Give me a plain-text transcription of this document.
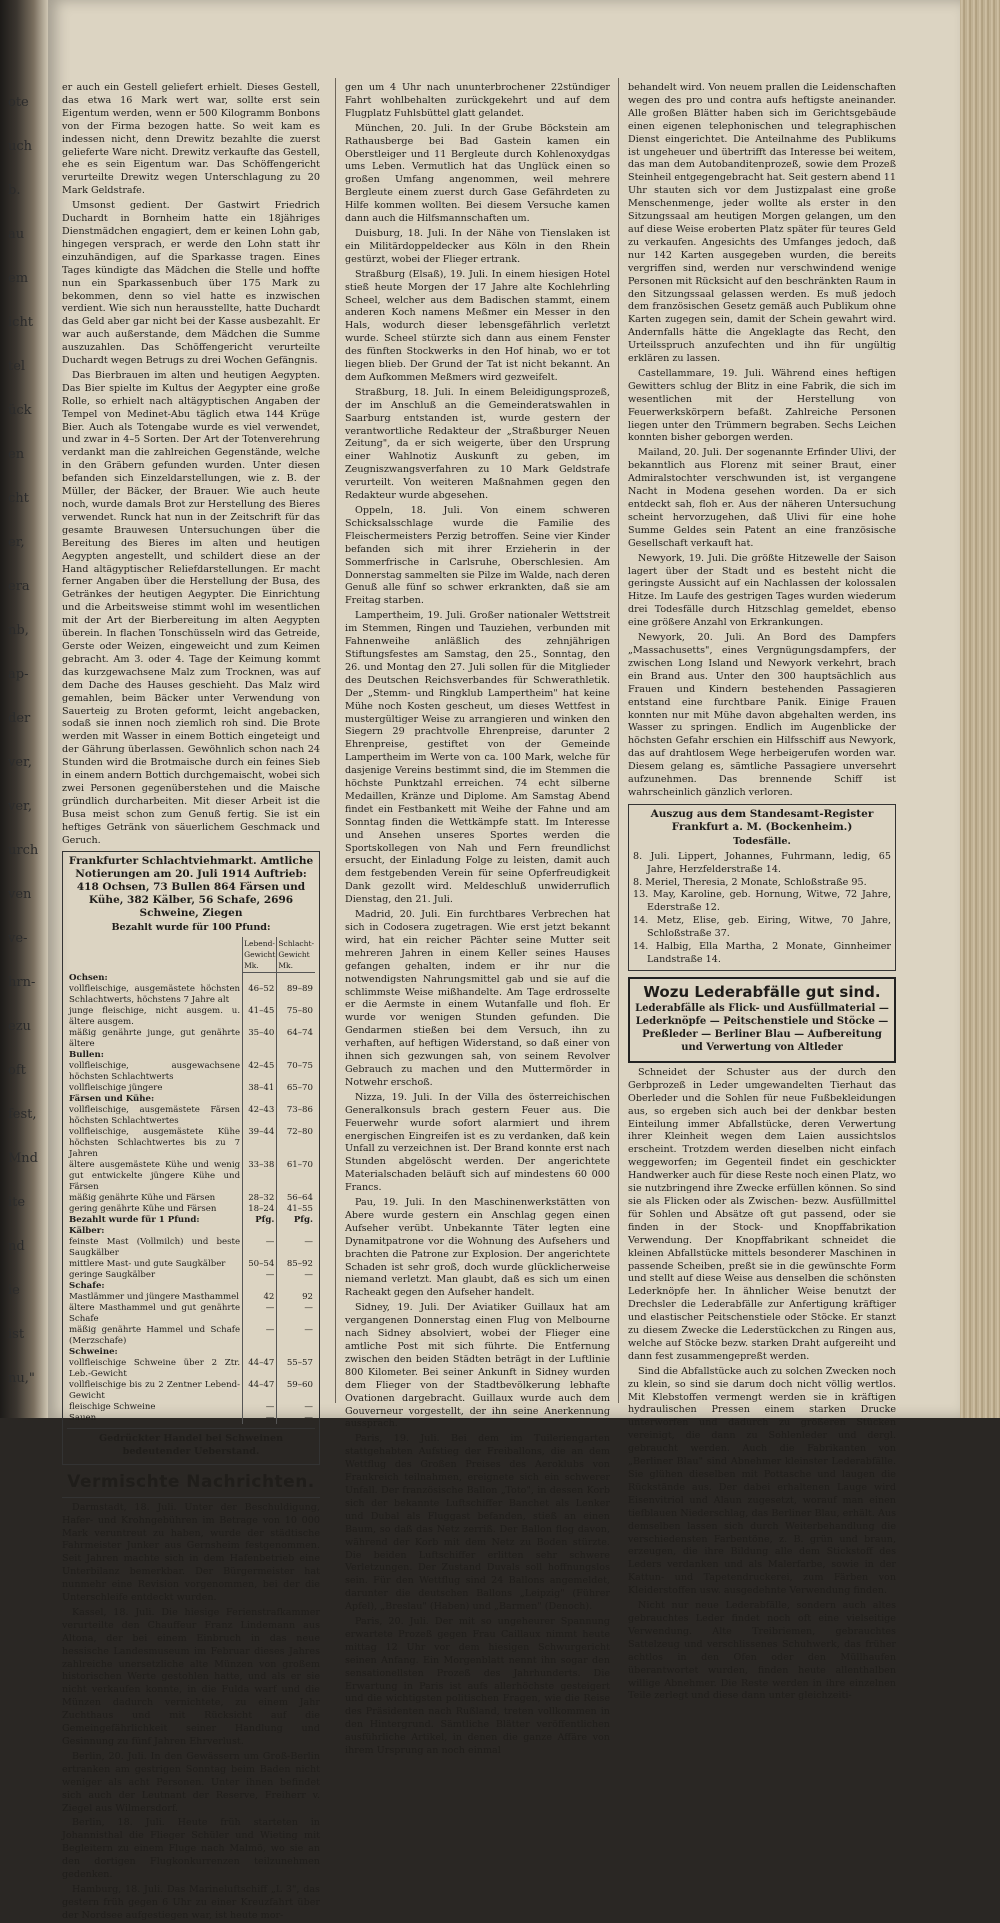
ote
uch
b.
au
em
icht
tel
ück
en
cht
er,
era
nb,
ap-
der
ver,
ver,
urch
ven
ve-
hrn-
ezu
oft
fest,
Mnd
ite
nd
ie
ist
nu,"

er auch ein Gestell geliefert erhielt. Dieses Gestell, das etwa 16 Mark wert war, sollte erst sein Eigentum werden, wenn er 500 Kilogramm Bonbons von der Firma bezogen hatte. So weit kam es indessen nicht, denn Drewitz bezahlte die zuerst gelieferte Ware nicht. Drewitz verkaufte das Gestell, ehe es sein Eigentum war. Das Schöffengericht verurteilte Drewitz wegen Unterschlagung zu 20 Mark Geldstrafe.

Umsonst gedient. Der Gastwirt Friedrich Duchardt in Bornheim hatte ein 18jähriges Dienstmädchen engagiert, dem er keinen Lohn gab, hingegen versprach, er werde den Lohn statt ihr einzuhändigen, auf die Sparkasse tragen. Eines Tages kündigte das Mädchen die Stelle und hoffte nun ein Sparkassenbuch über 175 Mark zu bekommen, denn so viel hatte es inzwischen verdient. Wie sich nun herausstellte, hatte Duchardt das Geld aber gar nicht bei der Kasse ausbezahlt. Er war auch außerstande, dem Mädchen die Summe auszuzahlen. Das Schöffengericht verurteilte Duchardt wegen Betrugs zu drei Wochen Gefängnis.

Das Bierbrauen im alten und heutigen Aegypten. Das Bier spielte im Kultus der Aegypter eine große Rolle, so erhielt nach altägyptischen Angaben der Tempel von Medinet-Abu täglich etwa 144 Krüge Bier. Auch als Totengabe wurde es viel verwendet, und zwar in 4–5 Sorten. Der Art der Totenverehrung verdankt man die zahlreichen Gegenstände, welche in den Gräbern gefunden wurden. Unter diesen befanden sich Einzeldarstellungen, wie z. B. der Müller, der Bäcker, der Brauer. Wie auch heute noch, wurde damals Brot zur Herstellung des Bieres verwendet. Runck hat nun in der Zeitschrift für das gesamte Brauwesen Untersuchungen über die Bereitung des Bieres im alten und heutigen Aegypten angestellt, und schildert diese an der Hand altägyptischer Reliefdarstellungen. Er macht ferner Angaben über die Herstellung der Busa, des Getränkes der heutigen Aegypter. Die Einrichtung und die Arbeitsweise stimmt wohl im wesentlichen mit der Art der Bierbereitung im alten Aegypten überein. In flachen Tonschüsseln wird das Getreide, Gerste oder Weizen, eingeweicht und zum Keimen gebracht. Am 3. oder 4. Tage der Keimung kommt das kurzgewachsene Malz zum Trocknen, was auf dem Dache des Hauses geschieht. Das Malz wird gemahlen, beim Bäcker unter Verwendung von Sauerteig zu Broten geformt, leicht angebacken, sodaß sie innen noch ziemlich roh sind. Die Brote werden mit Wasser in einem Bottich eingeteigt und der Gährung überlassen. Gewöhnlich schon nach 24 Stunden wird die Brotmaische durch ein feines Sieb in einem andern Bottich durchgemaischt, wobei sich zwei Personen gegenüberstehen und die Maische gründlich durcharbeiten. Mit dieser Arbeit ist die Busa meist schon zum Genuß fertig. Sie ist ein heftiges Getränk von säuerlichem Geschmack und Geruch.

Frankfurter Schlachtviehmarkt. Amtliche Notierungen am 20. Juli 1914 Auftrieb: 418 Ochsen, 73 Bullen 864 Färsen und Kühe, 382 Kälber, 56 Schafe, 2696 Schweine, Ziegen
Bezahlt wurde für 100 Pfund:
	Lebend-Gewicht Mk.	Schlacht-Gewicht Mk.
Ochsen:		
vollfleischige, ausgemästete höchsten Schlachtwerts, höchstens 7 Jahre alt	46–52	89–89
junge fleischige, nicht ausgem. u. ältere ausgem.	41–45	75–80
mäßig genährte junge, gut genährte ältere	35–40	64–74
Bullen:		
vollfleischige, ausgewachsene höchsten Schlachtwerts	42–45	70–75
vollfleischige jüngere	38–41	65–70
Färsen und Kühe:		
vollfleischige, ausgemästete Färsen höchsten Schlachtwertes	42–43	73–86
vollfleischige, ausgemästete Kühe höchsten Schlachtwertes bis zu 7 Jahren	39–44	72–80
ältere ausgemästete Kühe und wenig gut entwickelte jüngere Kühe und Färsen	33–38	61–70
mäßig genährte Kühe und Färsen	28–32	56–64
gering genährte Kühe und Färsen	18–24	41–55
Bezahlt wurde für 1 Pfund:	Pfg.	Pfg.
Kälber:		
feinste Mast (Vollmilch) und beste Saugkälber	—	—
mittlere Mast- und gute Saugkälber	50–54	85–92
geringe Saugkälber	—	—
Schafe:		
Mastlämmer und jüngere Masthammel	42	92
ältere Masthammel und gut genährte Schafe	—	—
mäßig genährte Hammel und Schafe (Merzschafe)	—	—
Schweine:		
vollfleischige Schweine über 2 Ztr. Leb.-Gewicht	44–47	55–57
vollfleischige bis zu 2 Zentner Lebend-Gewicht	44–47	59–60
fleischige Schweine	—	—
Sauen	—	—
Gedrückter Handel bei Schweinen bedeutender Ueberstand.
Vermischte Nachrichten.

Darmstadt, 18. Juli. Unter der Beschuldigung, Hafer- und Krohngebühren im Betrage von 10 000 Mark veruntreut zu haben, wurde der städtische Fahrmeister Junker aus Gernsheim festgenommen. Seit Jahren machte sich in dem Hafenbetrieb eine Unterbilanz bemerkbar. Der Bürgermeister hat nunmehr eine Revision vorgenommen, bei der die Unterschleife entdeckt wurden.

Kassel, 18. Juli. Die hiesige Ferienstrafkammer verurteilte den Chauffeur Franz Lindemann aus Altona, der bei einem Einbruch in das neue hessische Landesmuseum im Februar dieses Jahres zahlreiche unersetzliche alte Münzen von großem historischen Werte gestohlen hatte, und als er sie nicht verkaufen konnte, in die Fulda warf und die Münzen dadurch vernichtete, zu einem Jahr Zuchthaus und mit Rücksicht auf die Gemeingefährlichkeit seiner Handlung und Gesinnung zu fünf Jahren Ehrverlust.

Berlin, 20. Juli. In den Gewässern um Groß-Berlin ertranken am gestrigen Sonntag beim Baden nicht weniger als acht Personen. Unter ihnen befindet sich auch der Leutnant der Reserve, Freiherr v. Ziegel aus Wilmersdorf.

Berlin, 18. Juli. Heute früh starteten in Johannisthal die Flieger Schüler und Wieting mit Begleitern zu einem Fluge nach Malmö, wo sie an den dortigen Flugkonkurrenzen teilzunehmen gedenken.

Hamburg, 18. Juli. Das Marineluftschiff „L 3", das gestern früh gegen 6 Uhr zu einer Kreuzfahrt über der Nordsee aufgestiegen war, ist heute mor-

gen um 4 Uhr nach ununterbrochener 22stündiger Fahrt wohlbehalten zurückgekehrt und auf dem Flugplatz Fuhlsbüttel glatt gelandet.

München, 20. Juli. In der Grube Böckstein am Rathausberge bei Bad Gastein kamen ein Oberstleiger und 11 Bergleute durch Kohlenoxydgas ums Leben. Vermutlich hat das Unglück einen so großen Umfang angenommen, weil mehrere Bergleute einem zuerst durch Gase Gefährdeten zu Hilfe kommen wollten. Bei diesem Versuche kamen dann auch die Hilfsmannschaften um.

Duisburg, 18. Juli. In der Nähe von Tienslaken ist ein Militärdoppeldecker aus Köln in den Rhein gestürzt, wobei der Flieger ertrank.

Straßburg (Elsaß), 19. Juli. In einem hiesigen Hotel stieß heute Morgen der 17 Jahre alte Kochlehrling Scheel, welcher aus dem Badischen stammt, einem anderen Koch namens Meßmer ein Messer in den Hals, wodurch dieser lebensgefährlich verletzt wurde. Scheel stürzte sich dann aus einem Fenster des fünften Stockwerks in den Hof hinab, wo er tot liegen blieb. Der Grund der Tat ist nicht bekannt. An dem Aufkommen Meßmers wird gezweifelt.

Straßburg, 18. Juli. In einem Beleidigungsprozeß, der im Anschluß an die Gemeinderatswahlen in Saarburg entstanden ist, wurde gestern der verantwortliche Redakteur der „Straßburger Neuen Zeitung", da er sich weigerte, über den Ursprung einer Wahlnotiz Auskunft zu geben, im Zeugniszwangsverfahren zu 10 Mark Geldstrafe verurteilt. Von weiteren Maßnahmen gegen den Redakteur wurde abgesehen.

Oppeln, 18. Juli. Von einem schweren Schicksalsschlage wurde die Familie des Fleischermeisters Perzig betroffen. Seine vier Kinder befanden sich mit ihrer Erzieherin in der Sommerfrische in Carlsruhe, Oberschlesien. Am Donnerstag sammelten sie Pilze im Walde, nach deren Genuß alle fünf so schwer erkrankten, daß sie am Freitag starben.

Lampertheim, 19. Juli. Großer nationaler Wettstreit im Stemmen, Ringen und Tauziehen, verbunden mit Fahnenweihe anläßlich des zehnjährigen Stiftungsfestes am Samstag, den 25., Sonntag, den 26. und Montag den 27. Juli sollen für die Mitglieder des Deutschen Reichsverbandes für Schwerathletik. Der „Stemm- und Ringklub Lampertheim" hat keine Mühe noch Kosten gescheut, um dieses Wettfest in mustergültiger Weise zu arrangieren und winken den Siegern 29 prachtvolle Ehrenpreise, darunter 2 Ehrenpreise, gestiftet von der Gemeinde Lampertheim im Werte von ca. 100 Mark, welche für dasjenige Vereins bestimmt sind, die im Stemmen die höchste Punktzahl erreichen. 74 echt silberne Medaillen, Kränze und Diplome. Am Samstag Abend findet ein Festbankett mit Weihe der Fahne und am Sonntag finden die Wettkämpfe statt. Im Interesse und Ansehen unseres Sportes werden die Sportskollegen von Nah und Fern freundlichst ersucht, der Einladung Folge zu leisten, damit auch dem festgebenden Verein für seine Opferfreudigkeit Dank gezollt wird. Meldeschluß unwiderruflich Dienstag, den 21. Juli.

Madrid, 20. Juli. Ein furchtbares Verbrechen hat sich in Codosera zugetragen. Wie erst jetzt bekannt wird, hat ein reicher Pächter seine Mutter seit mehreren Jahren in einem Keller seines Hauses gefangen gehalten, indem er ihr nur die notwendigsten Nahrungsmittel gab und sie auf die schlimmste Weise mißhandelte. Am Tage erdrosselte er die Aermste in einem Wutanfalle und floh. Er wurde vor wenigen Stunden gefunden. Die Gendarmen stießen bei dem Versuch, ihn zu verhaften, auf heftigen Widerstand, so daß einer von ihnen sich gezwungen sah, von seinem Revolver Gebrauch zu machen und den Muttermörder in Notwehr erschoß.

Nizza, 19. Juli. In der Villa des österreichischen Generalkonsuls brach gestern Feuer aus. Die Feuerwehr wurde sofort alarmiert und ihrem energischen Eingreifen ist es zu verdanken, daß kein Unfall zu verzeichnen ist. Der Brand konnte erst nach Stunden abgelöscht werden. Der angerichtete Materialschaden beläuft sich auf mindestens 60 000 Francs.

Pau, 19. Juli. In den Maschinenwerkstätten von Abere wurde gestern ein Anschlag gegen einen Aufseher verübt. Unbekannte Täter legten eine Dynamitpatrone vor die Wohnung des Aufsehers und brachten die Patrone zur Explosion. Der angerichtete Schaden ist sehr groß, doch wurde glücklicherweise niemand verletzt. Man glaubt, daß es sich um einen Racheakt gegen den Aufseher handelt.

Sidney, 19. Juli. Der Aviatiker Guillaux hat am vergangenen Donnerstag einen Flug von Melbourne nach Sidney absolviert, wobei der Flieger eine amtliche Post mit sich führte. Die Entfernung zwischen den beiden Städten beträgt in der Luftlinie 800 Kilometer. Bei seiner Ankunft in Sidney wurden dem Flieger von der Stadtbevölkerung lebhafte Ovationen dargebracht. Guillaux wurde auch dem Gouverneur vorgestellt, der ihn seine Anerkennung aussprach.

Paris, 19. Juli. Bei dem im Tuileriengarten stattgehabten Aufstieg der Freiballons, die an dem Wettflug des Großen Preises des Aeroklubs von Frankreich teilnahmen, ereignete sich ein schwerer Unfall. Der französische Ballon „Toto", in dessen Korb sich der bekannte Luftschiffer Banchet als Lenker und Dubal als Fluggast befanden, stieß an einen Baum, so daß das Netz zerriß. Der Ballon flog davon, während der Korb mit dem Netz zu Boden stürzte. Die beiden Luftschiffer erlitten sehr schwere Verletzungen. Der Zustand Duvals soll hoffnungslos sein. Für den Wettflug sind 24 Ballons angemeldet, darunter die deutschen Ballons „Leipzig" (Führer Apfel), „Breslau" (Haben) und „Barmen" (Denoch).

Paris, 20. Juli. Der mit so ungeheurer Spannung erwartete Prozeß gegen Frau Caillaux nimmt heute mittag 12 Uhr vor dem hiesigen Schwurgericht seinen Anfang. Ein Morgenblatt nennt ihn sogar den sensationellsten Prozeß des Jahrhunderts. Die Erwartung in Paris ist aufs allerhöchste gesteigert und die wichtigsten politischen Fragen, wie die Reise des Präsidenten nach Rußland, treten vollkommen in den Hintergrund. Sämtliche Blätter veröffentlichen ausführliche Artikel, in denen die ganze Affäre von ihrem Ursprung an noch einmal

behandelt wird. Von neuem prallen die Leidenschaften wegen des pro und contra aufs heftigste aneinander. Alle großen Blätter haben sich im Gerichtsgebäude einen eigenen telephonischen und telegraphischen Dienst eingerichtet. Die Anteilnahme des Publikums ist ungeheuer und übertrifft das Interesse bei weitem, das man dem Autobanditenprozeß, sowie dem Prozeß Steinheil entgegengebracht hat. Seit gestern abend 11 Uhr stauten sich vor dem Justizpalast eine große Menschenmenge, jeder wollte als erster in den Sitzungssaal am heutigen Morgen gelangen, um den auf diese Weise eroberten Platz später für teures Geld zu verkaufen. Angesichts des Umfanges jedoch, daß nur 142 Karten ausgegeben wurden, die bereits vergriffen sind, werden nur verschwindend wenige Personen mit Rücksicht auf den beschränkten Raum in den Sitzungssaal gelassen werden. Es muß jedoch dem französischen Gesetz gemäß auch Publikum ohne Karten zugegen sein, damit der Schein gewahrt wird. Andernfalls hätte die Angeklagte das Recht, den Urteilsspruch anzufechten und ihn für ungültig erklären zu lassen.

Castellammare, 19. Juli. Während eines heftigen Gewitters schlug der Blitz in eine Fabrik, die sich im wesentlichen mit der Herstellung von Feuerwerkskörpern befaßt. Zahlreiche Personen liegen unter den Trümmern begraben. Sechs Leichen konnten bisher geborgen werden.

Mailand, 20. Juli. Der sogenannte Erfinder Ulivi, der bekanntlich aus Florenz mit seiner Braut, einer Admiralstochter verschwunden ist, ist vergangene Nacht in Modena gesehen worden. Da er sich entdeckt sah, floh er. Aus der näheren Untersuchung scheint hervorzugehen, daß Ulivi für eine hohe Summe Geldes sein Patent an eine französische Gesellschaft verkauft hat.

Newyork, 19. Juli. Die größte Hitzewelle der Saison lagert über der Stadt und es besteht nicht die geringste Aussicht auf ein Nachlassen der kolossalen Hitze. Im Laufe des gestrigen Tages wurden wiederum drei Todesfälle durch Hitzschlag gemeldet, ebenso eine größere Anzahl von Erkrankungen.

Newyork, 20. Juli. An Bord des Dampfers „Massachusetts", eines Vergnügungsdampfers, der zwischen Long Island und Newyork verkehrt, brach ein Brand aus. Unter den 300 hauptsächlich aus Frauen und Kindern bestehenden Passagieren entstand eine furchtbare Panik. Einige Frauen konnten nur mit Mühe davon abgehalten werden, ins Wasser zu springen. Endlich im Augenblicke der höchsten Gefahr erschien ein Hilfsschiff aus Newyork, das auf drahtlosem Wege herbeigerufen worden war. Diesem gelang es, sämtliche Passagiere unversehrt aufzunehmen. Das brennende Schiff ist wahrscheinlich gänzlich verloren.

Auszug aus dem Standesamt-Register Frankfurt a. M. (Bockenheim.)
Todesfälle.
8. Juli. Lippert, Johannes, Fuhrmann, ledig, 65 Jahre, Herzfelderstraße 14.
8. Meriel, Theresia, 2 Monate, Schloßstraße 95.
13. May, Karoline, geb. Hornung, Witwe, 72 Jahre, Ederstraße 12.
14. Metz, Elise, geb. Eiring, Witwe, 70 Jahre, Schloßstraße 37.
14. Halbig, Ella Martha, 2 Monate, Ginnheimer Landstraße 14.
Wozu Lederabfälle gut sind.
Lederabfälle als Flick- und Ausfüllmaterial — Lederknöpfe — Peitschenstiele und Stöcke — Preßleder — Berliner Blau — Aufbereitung und Verwertung von Altleder

Schneidet der Schuster aus der durch den Gerbprozeß in Leder umgewandelten Tierhaut das Oberleder und die Sohlen für neue Fußbekleidungen aus, so ergeben sich auch bei der denkbar besten Einteilung immer Abfallstücke, deren Verwertung ihrer Kleinheit wegen dem Laien aussichtslos erscheint. Trotzdem werden dieselben nicht einfach weggeworfen; im Gegenteil findet ein geschickter Handwerker auch für diese Reste noch einen Platz, wo sie nutzbringend ihre Zwecke erfüllen können. So sind sie als Flicken oder als Zwischen- bezw. Ausfüllmittel für Sohlen und Absätze oft gut passend, oder sie finden in der Stock- und Knopffabrikation Verwendung. Der Knopffabrikant schneidet die kleinen Abfallstücke mittels besonderer Maschinen in passende Scheiben, preßt sie in die gewünschte Form und stellt auf diese Weise aus denselben die schönsten Lederknöpfe her. In ähnlicher Weise benutzt der Drechsler die Lederabfälle zur Anfertigung kräftiger und elastischer Peitschenstiele oder Stöcke. Er stanzt zu diesem Zwecke die Lederstückchen zu Ringen aus, welche auf Stöcke bezw. starken Draht aufgereiht und dann fest zusammengepreßt werden.

Sind die Abfallstücke auch zu solchen Zwecken noch zu klein, so sind sie darum doch nicht völlig wertlos. Mit Klebstoffen vermengt werden sie in kräftigen hydraulischen Pressen einem starken Drucke unterworfen und dadurch zu größeren Stücken vereinigt, die dann zu Sohlenleder und dergl. gebraucht werden. Auch die Fabrikanten von „Berliner Blau" sind Abnehmer kleinster Lederabfälle. Sie glühen dieselben mit Pottasche und laugen die Rückstände aus. Der dabei erhaltenen Lauge wird Eisenvitriol und Alaun zugesetzt, worauf man einen tiefblauen Niederschlag, das Berliner Blau, erhält. Aus demselben lassen sich durch Weiterbehandlung die verschiedensten Farbentöne, z. B. grün und braun, erzeugen, die ihre Bildung alle dem Stickstoff des Leders verdanken und als Malerfarbe, sowie in der Kattun- und Tapetendruckerei, zum Färben von Kleiderstoffen usw. ausgedehnte Verwendung finden.

Nicht nur neue Lederabfälle, sondern auch altes gebrauchtes Leder findet noch oft eine vielseitige Verwendung. Alte Treibriemen, gebrauchtes Sattelzeug und verschlissenes Schuhwerk, das früher achtlos in den Ofen oder den Müllhaufen überantwortet wurden, finden heute allenthalben willige Abnehmer. Die Reste werden in ihre einzelnen Teile zerlegt und diese dann unter gleichzeiti-
